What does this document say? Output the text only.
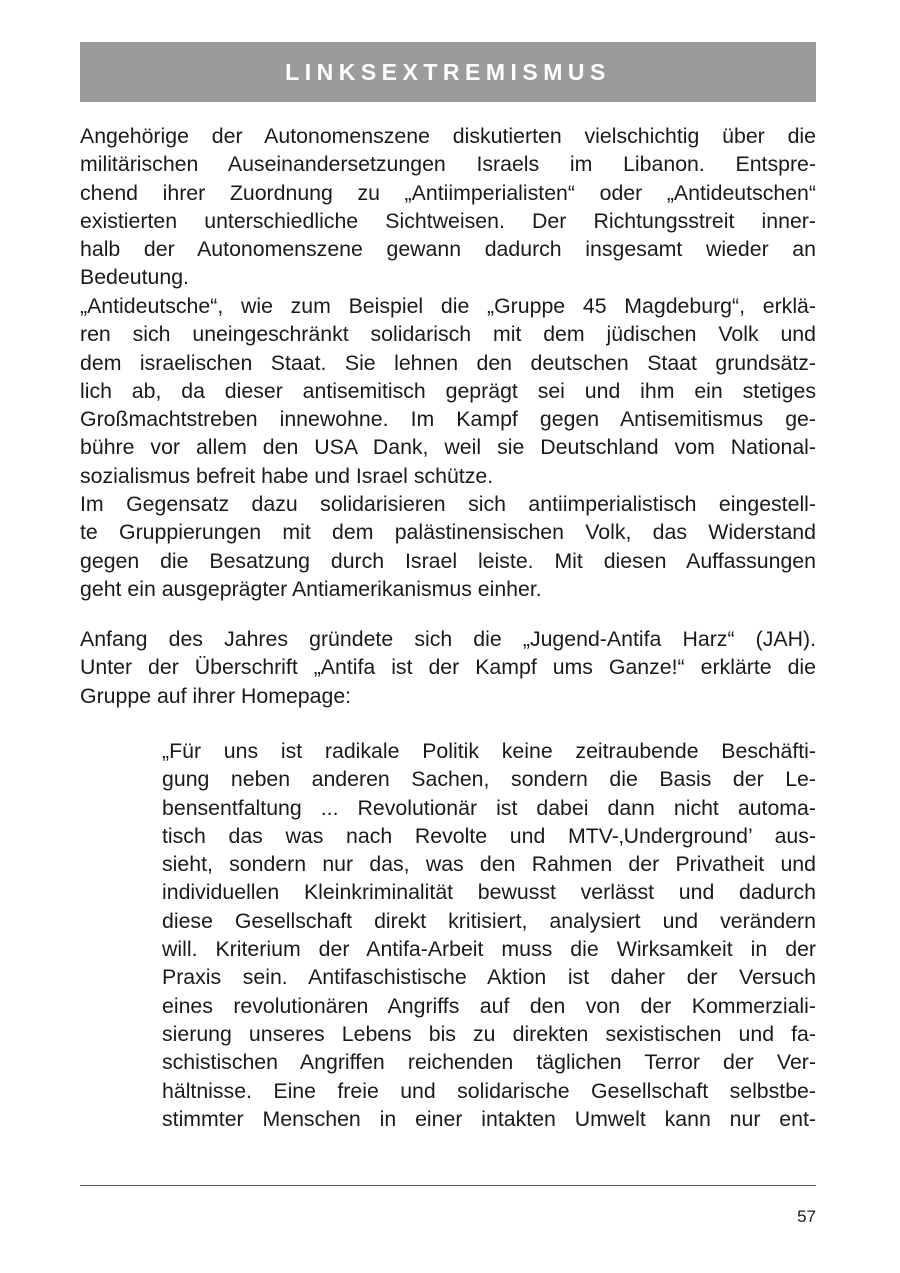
LINKSEXTREMISMUS
Angehörige der Autonomenszene diskutierten vielschichtig über die
militärischen Auseinandersetzungen Israels im Libanon. Entspre-
chend ihrer Zuordnung zu „Antiimperialisten“ oder „Antideutschen“
existierten unterschiedliche Sichtweisen. Der Richtungsstreit inner-
halb der Autonomenszene gewann dadurch insgesamt wieder an
Bedeutung.
„Antideutsche“, wie zum Beispiel die „Gruppe 45 Magdeburg“, erklä-
ren sich uneingeschränkt solidarisch mit dem jüdischen Volk und
dem israelischen Staat. Sie lehnen den deutschen Staat grundsätz-
lich ab, da dieser antisemitisch geprägt sei und ihm ein stetiges
Großmachtstreben innewohne. Im Kampf gegen Antisemitismus ge-
bühre vor allem den USA Dank, weil sie Deutschland vom National-
sozialismus befreit habe und Israel schütze.
Im Gegensatz dazu solidarisieren sich antiimperialistisch eingestell-
te Gruppierungen mit dem palästinensischen Volk, das Widerstand
gegen die Besatzung durch Israel leiste. Mit diesen Auffassungen
geht ein ausgeprägter Antiamerikanismus einher.
Anfang des Jahres gründete sich die „Jugend-Antifa Harz“ (JAH).
Unter der Überschrift „Antifa ist der Kampf ums Ganze!“ erklärte die
Gruppe auf ihrer Homepage:
„Für uns ist radikale Politik keine zeitraubende Beschäfti-
gung neben anderen Sachen, sondern die Basis der Le-
bensentfaltung ... Revolutionär ist dabei dann nicht automa-
tisch das was nach Revolte und MTV-‚Underground’ aus-
sieht, sondern nur das, was den Rahmen der Privatheit und
individuellen Kleinkriminalität bewusst verlässt und dadurch
diese Gesellschaft direkt kritisiert, analysiert und verändern
will. Kriterium der Antifa-Arbeit muss die Wirksamkeit in der
Praxis sein. Antifaschistische Aktion ist daher der Versuch
eines revolutionären Angriffs auf den von der Kommerziali-
sierung unseres Lebens bis zu direkten sexistischen und fa-
schistischen Angriffen reichenden täglichen Terror der Ver-
hältnisse. Eine freie und solidarische Gesellschaft selbstbe-
stimmter Menschen in einer intakten Umwelt kann nur ent-
57
